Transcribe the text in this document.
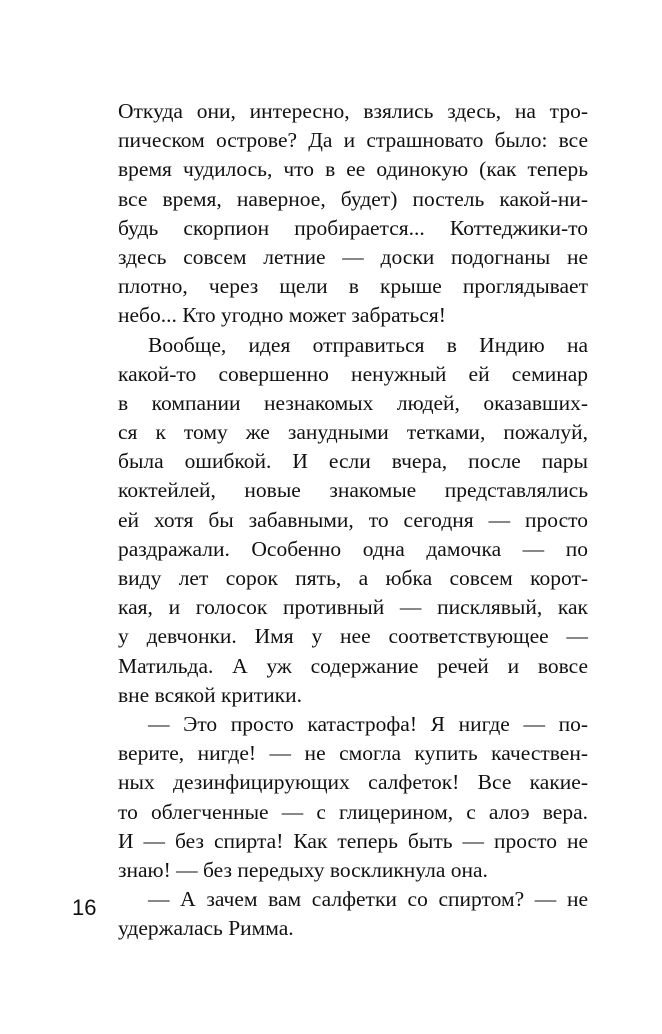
Откуда они, интересно, взялись здесь, на тро-
пическом острове? Да и страшновато было: все
время чудилось, что в ее одинокую (как теперь
все время, наверное, будет) постель какой-ни-
будь скорпион пробирается... Коттеджики-то
здесь совсем летние — доски подогнаны не
плотно, через щели в крыше проглядывает
небо... Кто угодно может забраться!
Вообще, идея отправиться в Индию на
какой-то совершенно ненужный ей семинар
в компании незнакомых людей, оказавших-
ся к тому же занудными тетками, пожалуй,
была ошибкой. И если вчера, после пары
коктейлей, новые знакомые представлялись
ей хотя бы забавными, то сегодня — просто
раздражали. Особенно одна дамочка — по
виду лет сорок пять, а юбка совсем корот-
кая, и голосок противный — писклявый, как
у девчонки. Имя у нее соответствующее —
Матильда. А уж содержание речей и вовсе
вне всякой критики.
— Это просто катастрофа! Я нигде — по-
верите, нигде! — не смогла купить качествен-
ных дезинфицирующих салфеток! Все какие-
то облегченные — с глицерином, с алоэ вера.
И — без спирта! Как теперь быть — просто не
знаю! — без передыху воскликнула она.
— А зачем вам салфетки со спиртом? — не
удержалась Римма.
16
